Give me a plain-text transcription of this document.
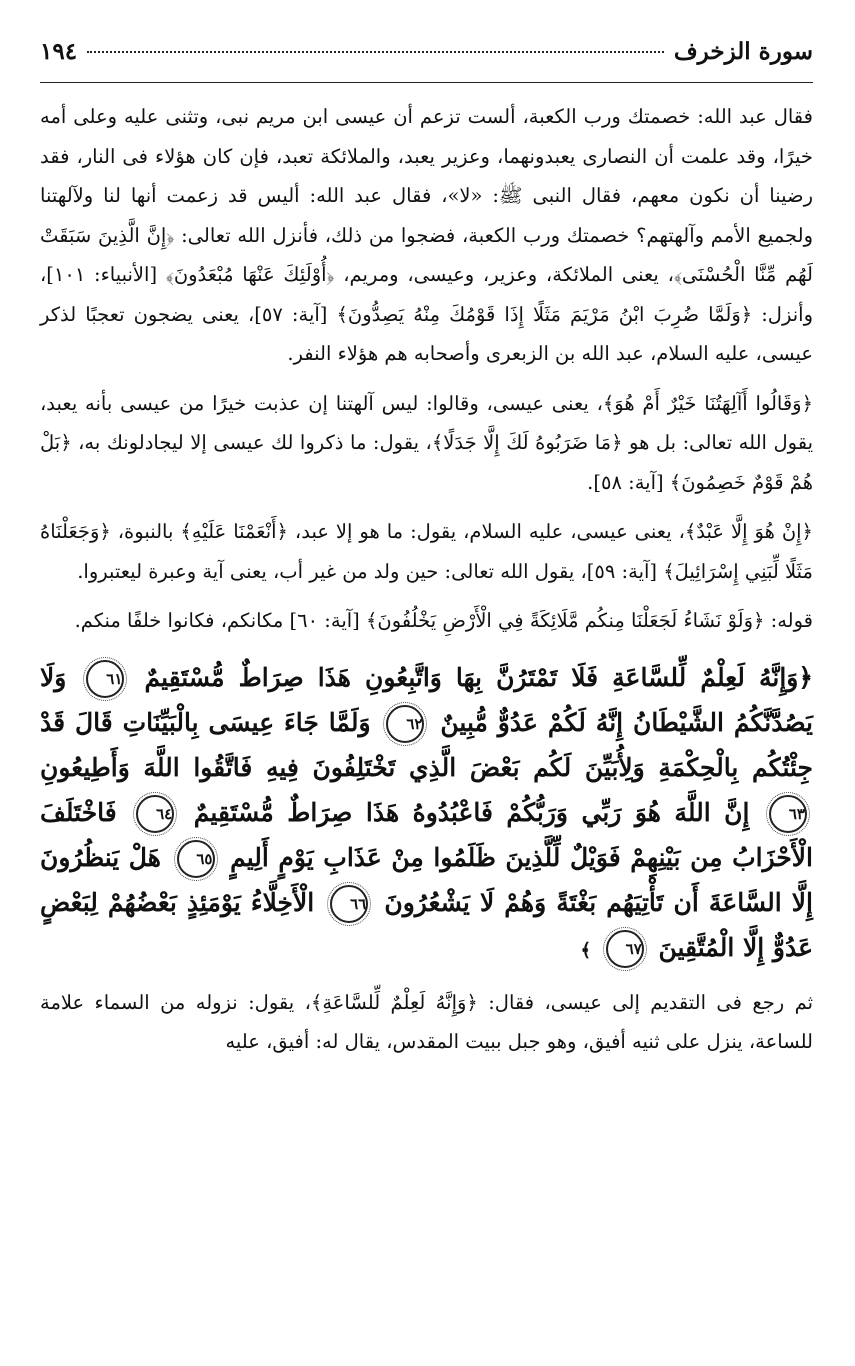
سورة الزخرف
١٩٤

فقال عبد الله: خصمتك ورب الكعبة، ألست تزعم أن عيسى ابن مريم نبى، وتثنى عليه وعلى أمه خيرًا، وقد علمت أن النصارى يعبدونهما، وعزير يعبد، والملائكة تعبد، فإن كان هؤلاء فى النار، فقد رضينا أن نكون معهم، فقال النبى ﷺ: «لا»، فقال عبد الله: أليس قد زعمت أنها لنا ولآلهتنا ولجميع الأمم وآلهتهم؟ خصمتك ورب الكعبة، فضجوا من ذلك، فأنزل الله تعالى: ﴿إِنَّ الَّذِينَ سَبَقَتْ لَهُم مِّنَّا الْحُسْنَى﴾، يعنى الملائكة، وعزير، وعيسى، ومريم، ﴿أُوْلَئِكَ عَنْهَا مُبْعَدُونَ﴾ [الأنبياء: ١٠١]، وأنزل: ﴿وَلَمَّا ضُرِبَ ابْنُ مَرْيَمَ مَثَلًا إِذَا قَوْمُكَ مِنْهُ يَصِدُّونَ﴾ [آية: ٥٧]، يعنى يضجون تعجبًا لذكر عيسى، عليه السلام، عبد الله بن الزبعرى وأصحابه هم هؤلاء النفر.

﴿وَقَالُوا أَآلِهَتُنَا خَيْرٌ أَمْ هُوَ﴾، يعنى عيسى، وقالوا: ليس آلهتنا إن عذبت خيرًا من عيسى بأنه يعبد، يقول الله تعالى: بل هو ﴿مَا ضَرَبُوهُ لَكَ إِلَّا جَدَلًا﴾، يقول: ما ذكروا لك عيسى إلا ليجادلونك به، ﴿بَلْ هُمْ قَوْمٌ خَصِمُونَ﴾ [آية: ٥٨].

﴿إِنْ هُوَ إِلَّا عَبْدٌ﴾، يعنى عيسى، عليه السلام، يقول: ما هو إلا عبد، ﴿أَنْعَمْنَا عَلَيْهِ﴾ بالنبوة، ﴿وَجَعَلْنَاهُ مَثَلًا لِّبَنِي إِسْرَائِيلَ﴾ [آية: ٥٩]، يقول الله تعالى: حين ولد من غير أب، يعنى آية وعبرة ليعتبروا.

قوله: ﴿وَلَوْ نَشَاءُ لَجَعَلْنَا مِنكُم مَّلَائِكَةً فِي الْأَرْضِ يَخْلُفُونَ﴾ [آية: ٦٠] مكانكم، فكانوا خلفًا منكم.

﴿وَإِنَّهُ لَعِلْمٌ لِّلسَّاعَةِ فَلَا تَمْتَرُنَّ بِهَا وَاتَّبِعُونِ هَذَا صِرَاطٌ مُّسْتَقِيمٌ ٦١ وَلَا يَصُدَّنَّكُمُ الشَّيْطَانُ إِنَّهُ لَكُمْ عَدُوٌّ مُّبِينٌ ٦٢ وَلَمَّا جَاءَ عِيسَى بِالْبَيِّنَاتِ قَالَ قَدْ جِئْتُكُم بِالْحِكْمَةِ وَلِأُبَيِّنَ لَكُم بَعْضَ الَّذِي تَخْتَلِفُونَ فِيهِ فَاتَّقُوا اللَّهَ وَأَطِيعُونِ ٦٣ إِنَّ اللَّهَ هُوَ رَبِّي وَرَبُّكُمْ فَاعْبُدُوهُ هَذَا صِرَاطٌ مُّسْتَقِيمٌ ٦٤ فَاخْتَلَفَ الْأَحْزَابُ مِن بَيْنِهِمْ فَوَيْلٌ لِّلَّذِينَ ظَلَمُوا مِنْ عَذَابِ يَوْمٍ أَلِيمٍ ٦٥ هَلْ يَنظُرُونَ إِلَّا السَّاعَةَ أَن تَأْتِيَهُم بَغْتَةً وَهُمْ لَا يَشْعُرُونَ ٦٦ الْأَخِلَّاءُ يَوْمَئِذٍ بَعْضُهُمْ لِبَعْضٍ عَدُوٌّ إِلَّا الْمُتَّقِينَ ٦٧ ﴾

ثم رجع فى التقديم إلى عيسى، فقال: ﴿وَإِنَّهُ لَعِلْمٌ لِّلسَّاعَةِ﴾، يقول: نزوله من السماء علامة للساعة، ينزل على ثنيه أفيق، وهو جبل ببيت المقدس، يقال له: أفيق، عليه
